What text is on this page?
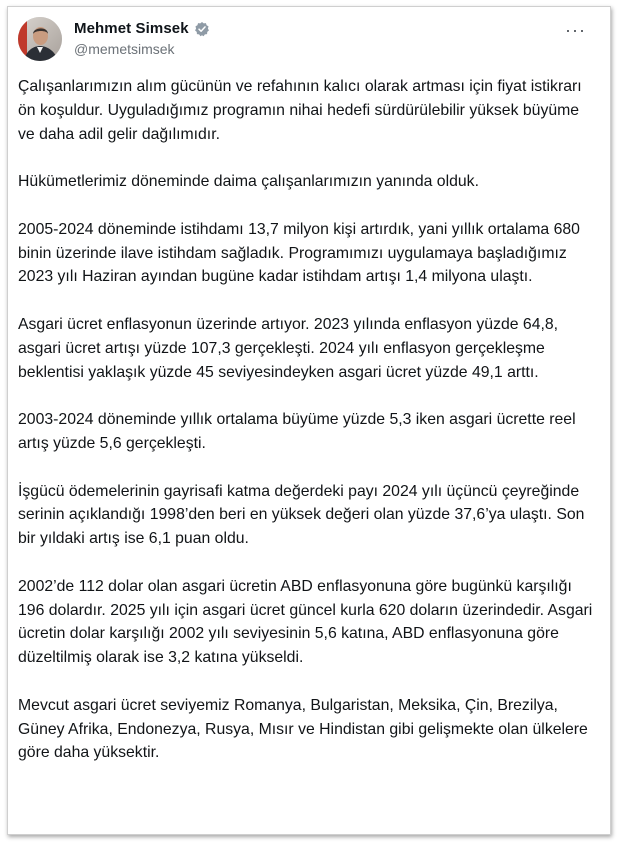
Mehmet Simsek
@memetsimsek
···

Çalışanlarımızın alım gücünün ve refahının kalıcı olarak artması için fiyat istikrarı ön koşuldur. Uyguladığımız programın nihai hedefi sürdürülebilir yüksek büyüme ve daha adil gelir dağılımıdır.

Hükümetlerimiz döneminde daima çalışanlarımızın yanında olduk.

2005-2024 döneminde istihdamı 13,7 milyon kişi artırdık, yani yıllık ortalama 680 binin üzerinde ilave istihdam sağladık. Programımızı uygulamaya başladığımız 2023 yılı Haziran ayından bugüne kadar istihdam artışı 1,4 milyona ulaştı.

Asgari ücret enflasyonun üzerinde artıyor. 2023 yılında enflasyon yüzde 64,8, asgari ücret artışı yüzde 107,3 gerçekleşti. 2024 yılı enflasyon gerçekleşme beklentisi yaklaşık yüzde 45 seviyesindeyken asgari ücret yüzde 49,1 arttı.

2003-2024 döneminde yıllık ortalama büyüme yüzde 5,3 iken asgari ücrette reel artış yüzde 5,6 gerçekleşti.

İşgücü ödemelerinin gayrisafi katma değerdeki payı 2024 yılı üçüncü çeyreğinde serinin açıklandığı 1998’den beri en yüksek değeri olan yüzde 37,6’ya ulaştı. Son bir yıldaki artış ise 6,1 puan oldu.

2002’de 112 dolar olan asgari ücretin ABD enflasyonuna göre bugünkü karşılığı 196 dolardır. 2025 yılı için asgari ücret güncel kurla 620 doların üzerindedir. Asgari ücretin dolar karşılığı 2002 yılı seviyesinin 5,6 katına, ABD enflasyonuna göre düzeltilmiş olarak ise 3,2 katına yükseldi.

Mevcut asgari ücret seviyemiz Romanya, Bulgaristan, Meksika, Çin, Brezilya, Güney Afrika, Endonezya, Rusya, Mısır ve Hindistan gibi gelişmekte olan ülkelere göre daha yüksektir.
